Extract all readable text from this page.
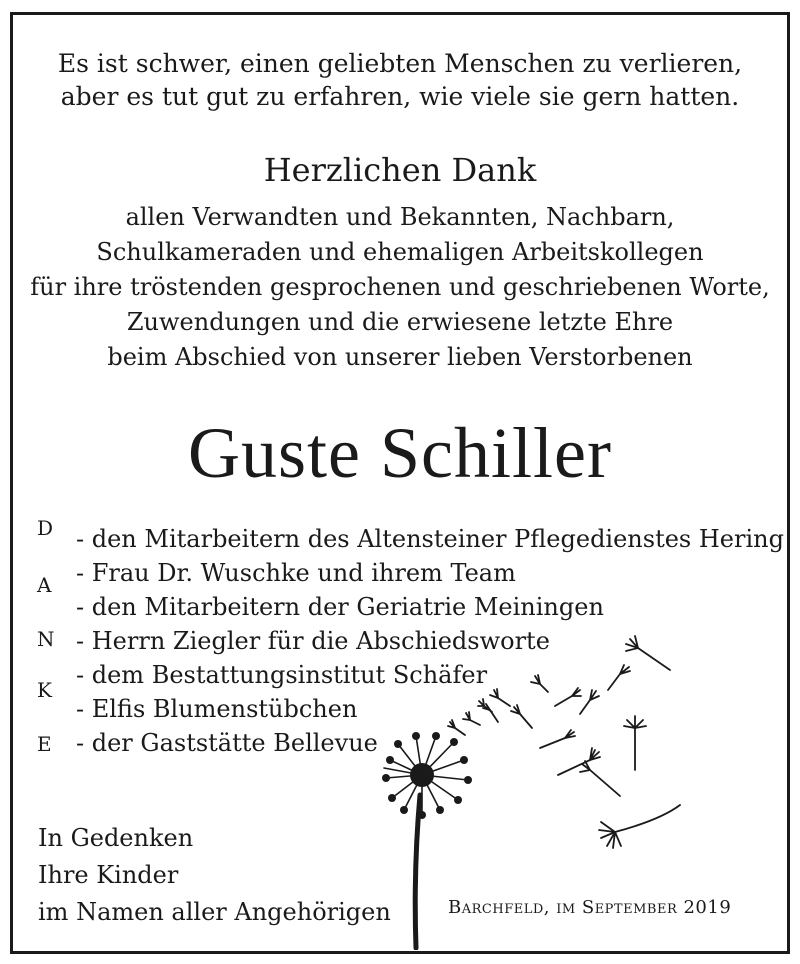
Es ist schwer, einen geliebten Menschen zu verlieren,
aber es tut gut zu erfahren, wie viele sie gern hatten.
Herzlichen Dank
allen Verwandten und Bekannten, Nachbarn,
Schulkameraden und ehemaligen Arbeitskollegen
für ihre tröstenden gesprochenen und geschriebenen Worte,
Zuwendungen und die erwiesene letzte Ehre
beim Abschied von unserer lieben Verstorbenen
Guste Schiller
D
A
N
K
E
- den Mitarbeitern des Altensteiner Pflegedienstes Hering
- Frau Dr. Wuschke und ihrem Team
- den Mitarbeitern der Geriatrie Meiningen
- Herrn Ziegler für die Abschiedsworte
- dem Bestattungsinstitut Schäfer
- Elfis Blumenstübchen
- der Gaststätte Bellevue
In Gedenken
Ihre Kinder
im Namen aller Angehörigen	Barchfeld, im September 2019
